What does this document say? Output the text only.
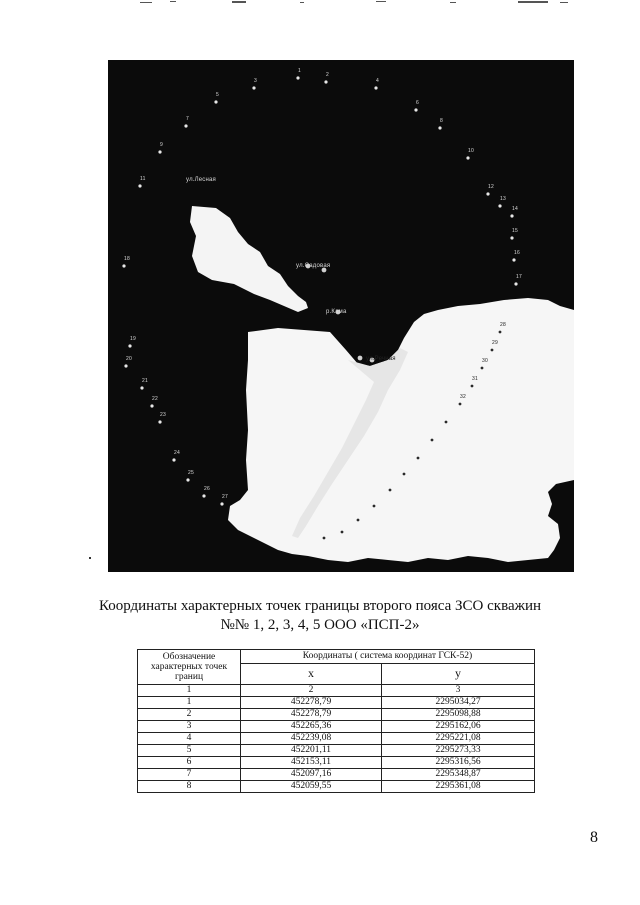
ул.Лесная
ул.Садовая
р.Кама
ул.Речная
1
2
3	4
5
6
7	8
9
10
11
12
13
14
15
16
17
18
19
20
21
22
23
24
25
26
27
28
29
30
31
32
Координаты характерных точек границы второго пояса ЗСО скважин
№№ 1, 2, 3, 4, 5 ООО «ПСП-2»
Обозначение характерных точек границ	Координаты ( система координат ГСК-52)	
	x	y
1	2	3
1	452278,79	2295034,27
2	452278,79	2295098,88
3	452265,36	2295162,06
4	452239,08	2295221,08
5	452201,11	2295273,33
6	452153,11	2295316,56
7	452097,16	2295348,87
8	452059,55	2295361,08
8
